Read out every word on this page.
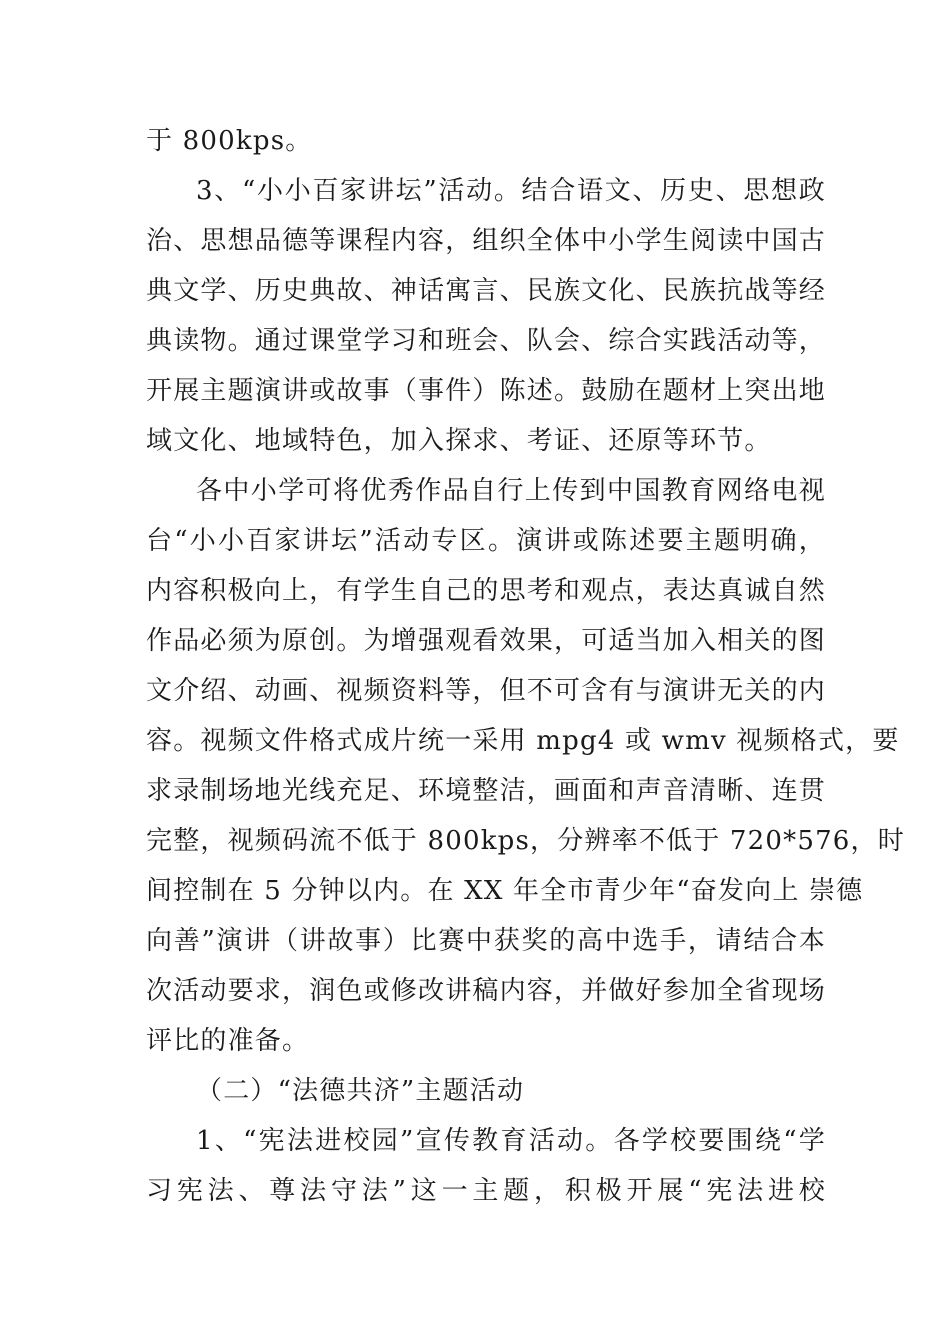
于 800kps。
3、“小小百家讲坛”活动。结合语文、历史、思想政
治、思想品德等课程内容，组织全体中小学生阅读中国古
典文学、历史典故、神话寓言、民族文化、民族抗战等经
典读物。通过课堂学习和班会、队会、综合实践活动等，
开展主题演讲或故事（事件）陈述。鼓励在题材上突出地
域文化、地域特色，加入探求、考证、还原等环节。
各中小学可将优秀作品自行上传到中国教育网络电视
台“小小百家讲坛”活动专区。演讲或陈述要主题明确，
内容积极向上，有学生自己的思考和观点，表达真诚自然
作品必须为原创。为增强观看效果，可适当加入相关的图
文介绍、动画、视频资料等，但不可含有与演讲无关的内
容。视频文件格式成片统一采用 mpg4 或 wmv 视频格式，要
求录制场地光线充足、环境整洁，画面和声音清晰、连贯
完整，视频码流不低于 800kps，分辨率不低于 720*576，时
间控制在 5 分钟以内。在 XX 年全市青少年“奋发向上 崇德
向善”演讲（讲故事）比赛中获奖的高中选手，请结合本
次活动要求，润色或修改讲稿内容，并做好参加全省现场
评比的准备。
（二）“法德共济”主题活动
1、“宪法进校园”宣传教育活动。各学校要围绕“学
习宪法、尊法守法”这一主题，积极开展“宪法进校
